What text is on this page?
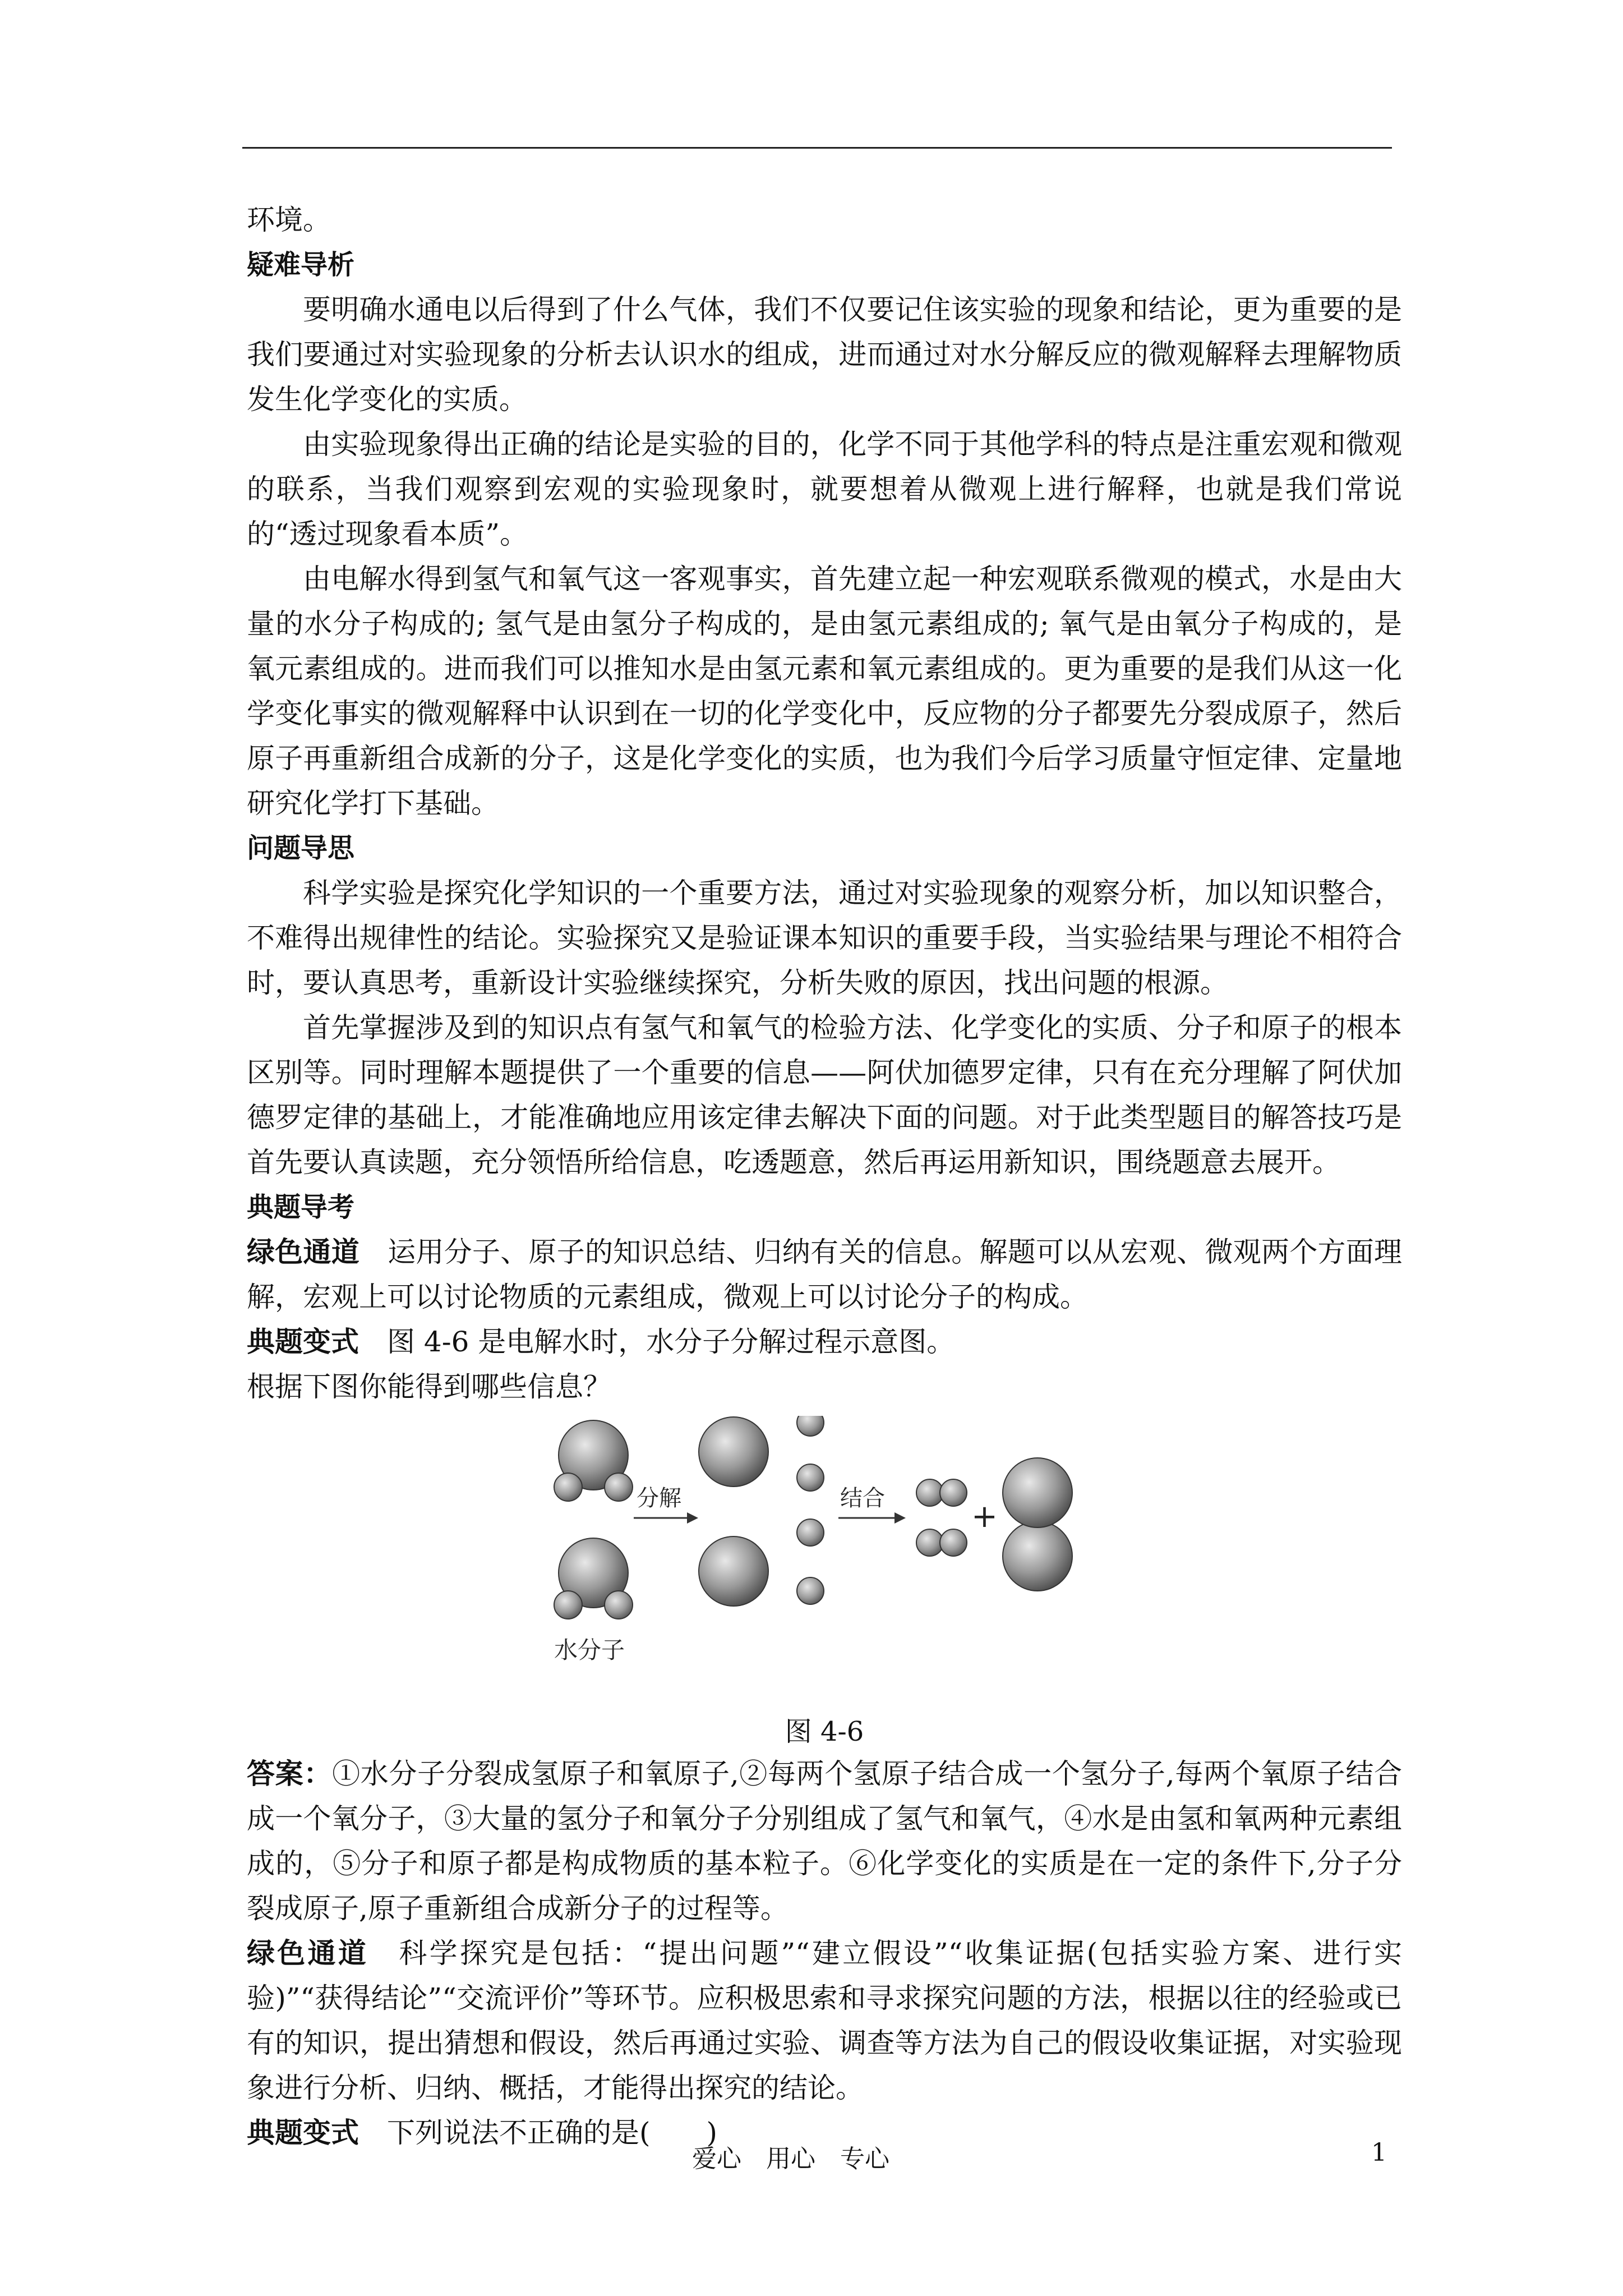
环境。

疑难导析

要明确水通电以后得到了什么气体，我们不仅要记住该实验的现象和结论，更为重要的是我们要通过对实验现象的分析去认识水的组成，进而通过对水分解反应的微观解释去理解物质发生化学变化的实质。

由实验现象得出正确的结论是实验的目的，化学不同于其他学科的特点是注重宏观和微观的联系，当我们观察到宏观的实验现象时，就要想着从微观上进行解释，也就是我们常说的“透过现象看本质”。

由电解水得到氢气和氧气这一客观事实，首先建立起一种宏观联系微观的模式，水是由大量的水分子构成的; 氢气是由氢分子构成的，是由氢元素组成的; 氧气是由氧分子构成的，是氧元素组成的。进而我们可以推知水是由氢元素和氧元素组成的。更为重要的是我们从这一化学变化事实的微观解释中认识到在一切的化学变化中，反应物的分子都要先分裂成原子，然后原子再重新组合成新的分子，这是化学变化的实质，也为我们今后学习质量守恒定律、定量地研究化学打下基础。

问题导思

科学实验是探究化学知识的一个重要方法，通过对实验现象的观察分析，加以知识整合，不难得出规律性的结论。实验探究又是验证课本知识的重要手段，当实验结果与理论不相符合时，要认真思考，重新设计实验继续探究，分析失败的原因，找出问题的根源。

首先掌握涉及到的知识点有氢气和氧气的检验方法、化学变化的实质、分子和原子的根本区别等。同时理解本题提供了一个重要的信息——阿伏加德罗定律，只有在充分理解了阿伏加德罗定律的基础上，才能准确地应用该定律去解决下面的问题。对于此类型题目的解答技巧是首先要认真读题，充分领悟所给信息，吃透题意，然后再运用新知识，围绕题意去展开。

典题导考

绿色通道 运用分子、原子的知识总结、归纳有关的信息。解题可以从宏观、微观两个方面理解，宏观上可以讨论物质的元素组成，微观上可以讨论分子的构成。

典题变式 图 4-6 是电解水时，水分子分解过程示意图。

根据下图你能得到哪些信息？

分解	结合	+
水分子

图 4-6

答案：①水分子分裂成氢原子和氧原子,②每两个氢原子结合成一个氢分子,每两个氧原子结合成一个氧分子，③大量的氢分子和氧分子分别组成了氢气和氧气，④水是由氢和氧两种元素组成的，⑤分子和原子都是构成物质的基本粒子。⑥化学变化的实质是在一定的条件下,分子分裂成原子,原子重新组合成新分子的过程等。

绿色通道 科学探究是包括：“提出问题”“建立假设”“收集证据(包括实验方案、进行实验)”“获得结论”“交流评价”等环节。应积极思索和寻求探究问题的方法，根据以往的经验或已有的知识，提出猜想和假设，然后再通过实验、调查等方法为自己的假设收集证据，对实验现象进行分析、归纳、概括，才能得出探究的结论。

典题变式 下列说法不正确的是(　　)

爱心　用心　专心	1
